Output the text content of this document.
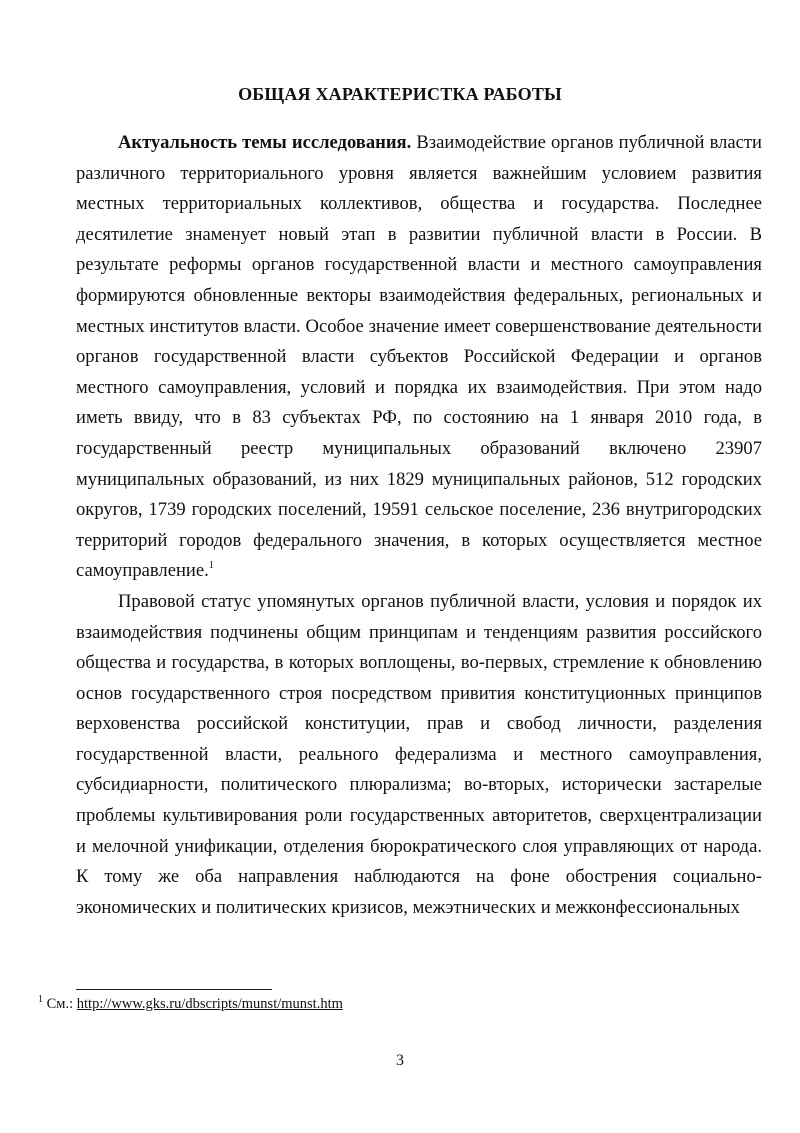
ОБЩАЯ ХАРАКТЕРИСТКА РАБОТЫ

Актуальность темы исследования. Взаимодействие органов публичной власти различного территориального уровня является важнейшим условием развития местных территориальных коллективов, общества и государства. Последнее десятилетие знаменует новый этап в развитии публичной власти в России. В результате реформы органов государственной власти и местного самоуправления формируются обновленные векторы взаимодействия федеральных, региональных и местных институтов власти. Особое значение имеет совершенствование деятельности органов государственной власти субъектов Российской Федерации и органов местного самоуправления, условий и порядка их взаимодействия. При этом надо иметь ввиду, что в 83 субъектах РФ, по состоянию на 1 января 2010 года, в государственный реестр муниципальных образований включено 23907 муниципальных образований, из них 1829 муниципальных районов, 512 городских округов, 1739 городских поселений, 19591 сельское поселение, 236 внутригородских территорий городов федерального значения, в которых осуществляется местное самоуправление.$^1$

Правовой статус упомянутых органов публичной власти, условия и порядок их взаимодействия подчинены общим принципам и тенденциям развития российского общества и государства, в которых воплощены, во-первых, стремление к обновлению основ государственного строя посредством привития конституционных принципов верховенства российской конституции, прав и свобод личности, разделения государственной власти, реального федерализма и местного самоуправления, субсидиарности, политического плюрализма; во-вторых, исторически застарелые проблемы культивирования роли государственных авторитетов, сверхцентрализации и мелочной унификации, отделения бюрократического слоя управляющих от народа. К тому же оба направления наблюдаются на фоне обострения социально-экономических и политических кризисов, межэтнических и межконфессиональных

$^1$ См.: http://www.gks.ru/dbscripts/munst/munst.htm

3
